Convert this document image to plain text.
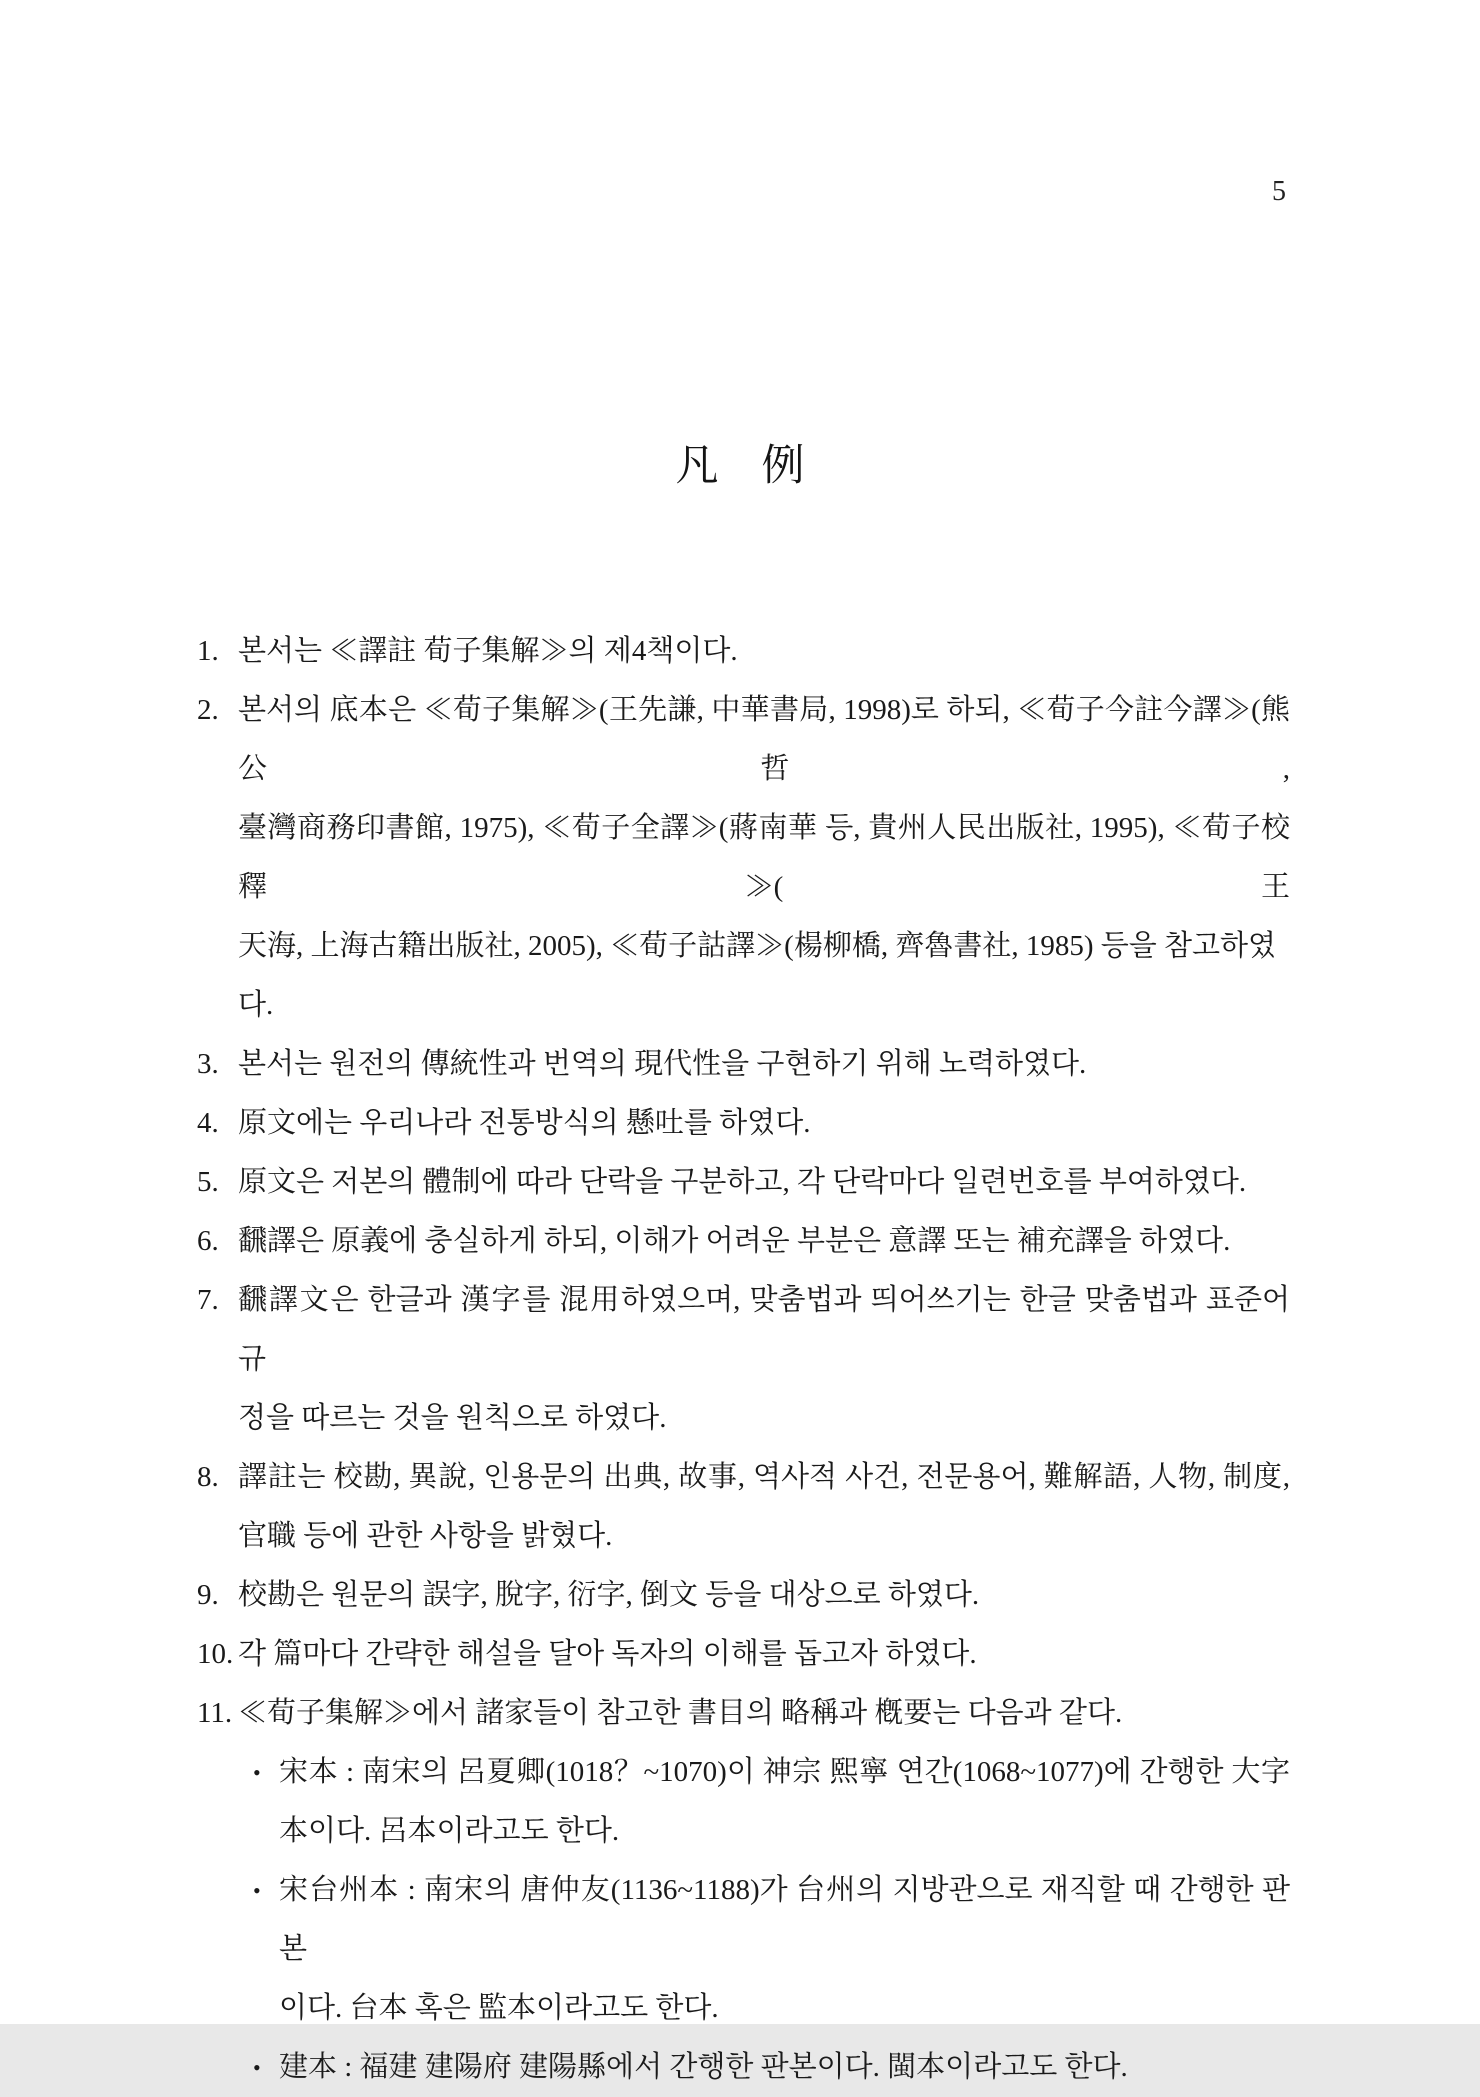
5
凡　例
1. 본서는 ≪譯註 荀子集解≫의 제4책이다.
2. 본서의 底本은 ≪荀子集解≫(王先謙, 中華書局, 1998)로 하되, ≪荀子今註今譯≫(熊公哲,
臺灣商務印書館, 1975), ≪荀子全譯≫(蔣南華 등, 貴州人民出版社, 1995), ≪荀子校釋≫(王
天海, 上海古籍出版社, 2005), ≪荀子詁譯≫(楊柳橋, 齊魯書社, 1985) 등을 참고하였다.
3. 본서는 원전의 傳統性과 번역의 現代性을 구현하기 위해 노력하였다.
4. 原文에는 우리나라 전통방식의 懸吐를 하였다.
5. 原文은 저본의 體制에 따라 단락을 구분하고, 각 단락마다 일련번호를 부여하였다.
6. 飜譯은 原義에 충실하게 하되, 이해가 어려운 부분은 意譯 또는 補充譯을 하였다.
7. 飜譯文은 한글과 漢字를 混用하였으며, 맞춤법과 띄어쓰기는 한글 맞춤법과 표준어 규
정을 따르는 것을 원칙으로 하였다.
8. 譯註는 校勘, 異說, 인용문의 出典, 故事, 역사적 사건, 전문용어, 難解語, 人物, 制度,
官職 등에 관한 사항을 밝혔다.
9. 校勘은 원문의 誤字, 脫字, 衍字, 倒文 등을 대상으로 하였다.
10. 각 篇마다 간략한 해설을 달아 독자의 이해를 돕고자 하였다.
11. ≪荀子集解≫에서 諸家들이 참고한 書目의 略稱과 槪要는 다음과 같다.
• 宋本 : 南宋의 呂夏卿(1018？~1070)이 神宗 熙寧 연간(1068~1077)에 간행한 大字
本이다. 呂本이라고도 한다.
• 宋台州本 : 南宋의 唐仲友(1136~1188)가 台州의 지방관으로 재직할 때 간행한 판본
이다. 台本 혹은 監本이라고도 한다.
• 建本 : 福建 建陽府 建陽縣에서 간행한 판본이다. 閩本이라고도 한다.
